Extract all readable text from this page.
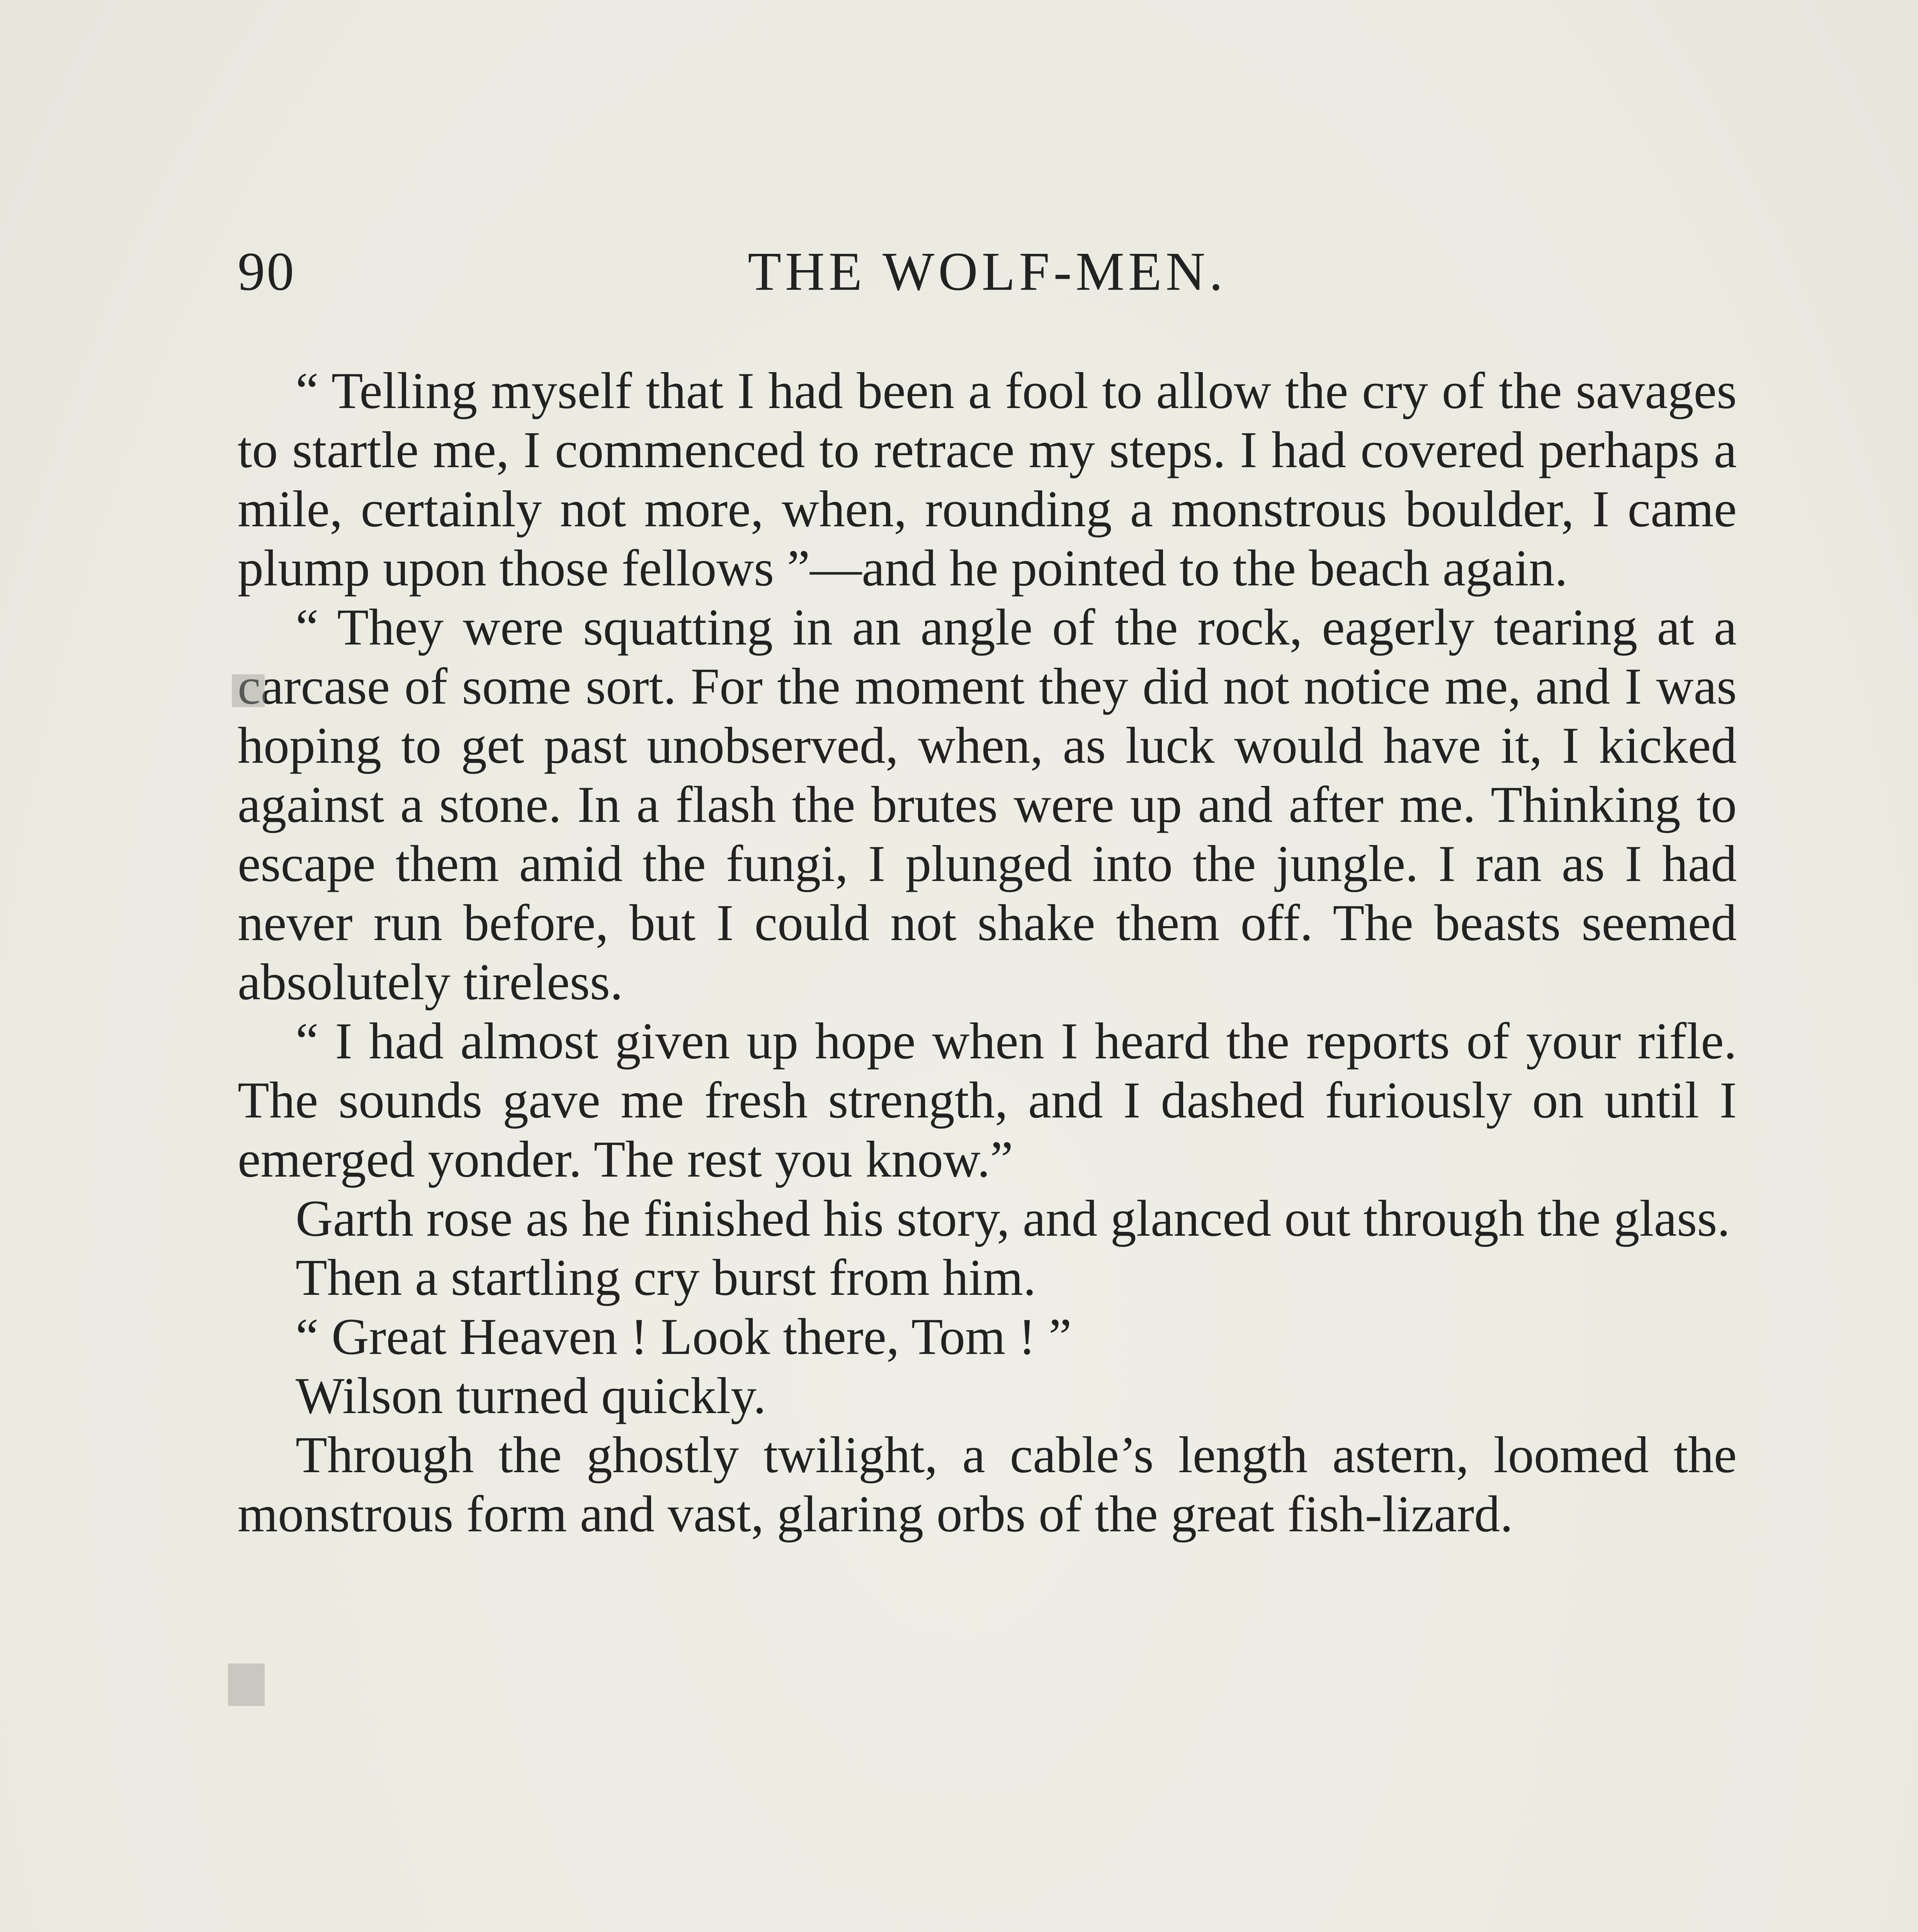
90	THE WOLF-MEN.

“ Telling myself that I had been a fool to allow the cry of the savages to startle me, I commenced to retrace my steps. I had covered perhaps a mile, certainly not more, when, rounding a monstrous boulder, I came plump upon those fellows ”—and he pointed to the beach again.

“ They were squatting in an angle of the rock, eagerly tearing at a carcase of some sort. For the moment they did not notice me, and I was hoping to get past unobserved, when, as luck would have it, I kicked against a stone. In a flash the brutes were up and after me. Thinking to escape them amid the fungi, I plunged into the jungle. I ran as I had never run before, but I could not shake them off. The beasts seemed absolutely tireless.

“ I had almost given up hope when I heard the reports of your rifle. The sounds gave me fresh strength, and I dashed furiously on until I emerged yonder. The rest you know.”

Garth rose as he finished his story, and glanced out through the glass.

Then a startling cry burst from him.

“ Great Heaven ! Look there, Tom ! ”

Wilson turned quickly.

Through the ghostly twilight, a cable’s length astern, loomed the monstrous form and vast, glaring orbs of the great fish-lizard.
